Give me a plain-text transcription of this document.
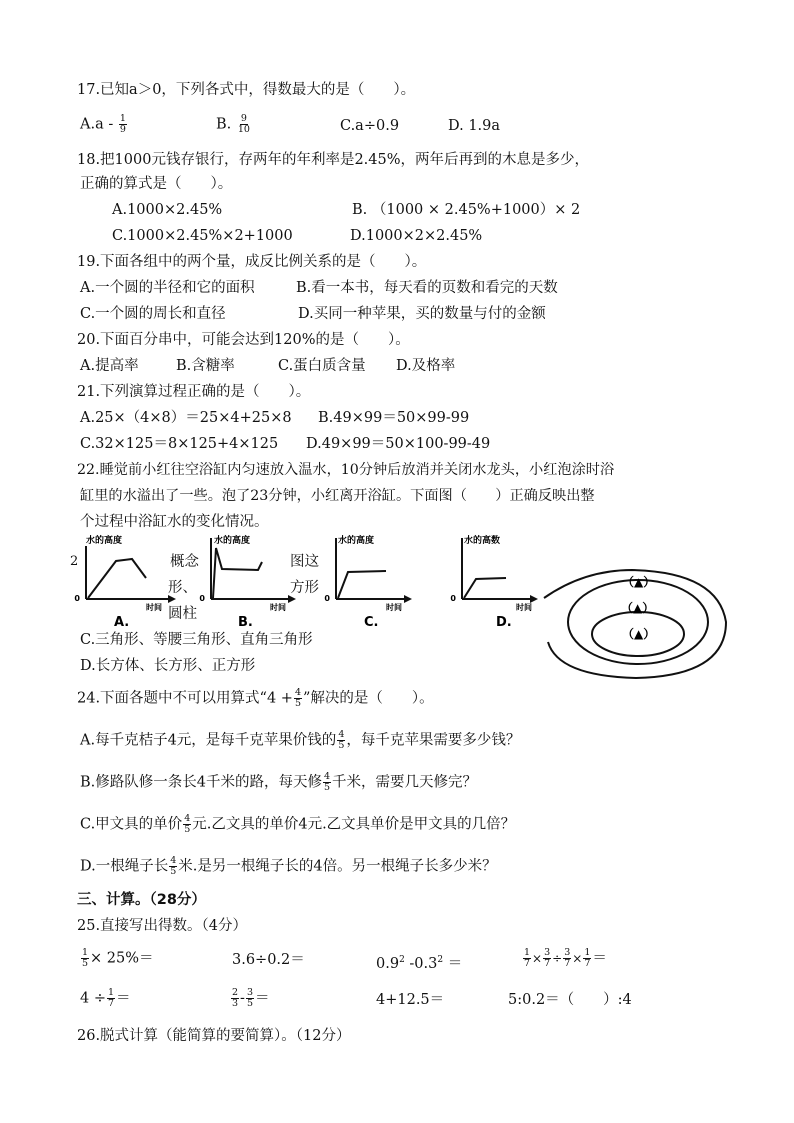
17.已知a＞0，下列各式中，得数最大的是（　　）。
$A.a - \frac{1}{9}$	B. $\frac{9}{10}$	C.a÷0.9	D. 1.9a
18.把1000元钱存银行，存两年的年利率是2.45%，两年后再到的木息是多少，
正确的算式是（　　）。
A.1000×2.45%	B. （1000 × 2.45%+1000）× 2
C.1000×2.45%×2+1000	D.1000×2×2.45%
19.下面各组中的两个量，成反比例关系的是（　　）。
A.一个圆的半径和它的面积	B.看一本书，每天看的页数和看完的天数
C.一个圆的周长和直径	D.买同一种苹果，买的数量与付的金额
20.下面百分串中，可能会达到120%的是（　　）。
A.提高率	B.含糖率	C.蛋白质含量 D.及格率
21.下列演算过程正确的是（　　）。
A.25×（4×8）＝25×4+25×8 B.49×99＝50×99-99
C.32×125＝8×125+4×125 D.49×99＝50×100-99-49
22.睡觉前小红往空浴缸内匀速放入温水，10分钟后放消并关闭水龙头，小红泡涂时浴
缸里的水溢出了一些。泡了23分钟，小红离开浴缸。下面图（　　）正确反映出整
个过程中浴缸水的变化情况。
水的高度
0
时间
A.
水的高度
0
时间
B.
水的高度
0
时间
C.
水的高数
0
时间
D.
（▲）
（▲）
（▲）
2	概念
形、
圆柱
图这
方形
C.三角形、等腰三角形、直角三角形
D.长方体、长方形、正方形
24.下面各题中不可以用算式“$4 + \frac{4}{5}$ ”解决的是（　　）。
A.每千克桔子4元，是每千克苹果价钱的 $\frac{4}{5}$ ，每千克苹果需要多少钱？
B.修路队修一条长4千米的路，每天修 $\frac{4}{5}$ 千米，需要几天修完？
C.甲文具的单价 $\frac{4}{5}$ 元.乙文具的单价4元.乙文具单价是甲文具的几倍？
D.一根绳子长 $\frac{4}{5}$ 米.是另一根绳子长的4倍。另一根绳子长多少米？
三、计算。（28分）
25.直接写出得数。（4分）
$\frac{1}{5} \times 25\%=$	3.6÷0.2＝	$0.9^2$ $-0.3^2$ ＝	$\frac{1}{7} \times \frac{3}{7} \div \frac{3}{7} \times \frac{1}{7}$ ＝
$4 \div \frac{1}{7}$ ＝	$\frac{2}{3} - \frac{3}{5}$ ＝	4+12.5＝	5:0.2＝（　　）:4
26.脱式计算（能简算的要简算）。（12分）
